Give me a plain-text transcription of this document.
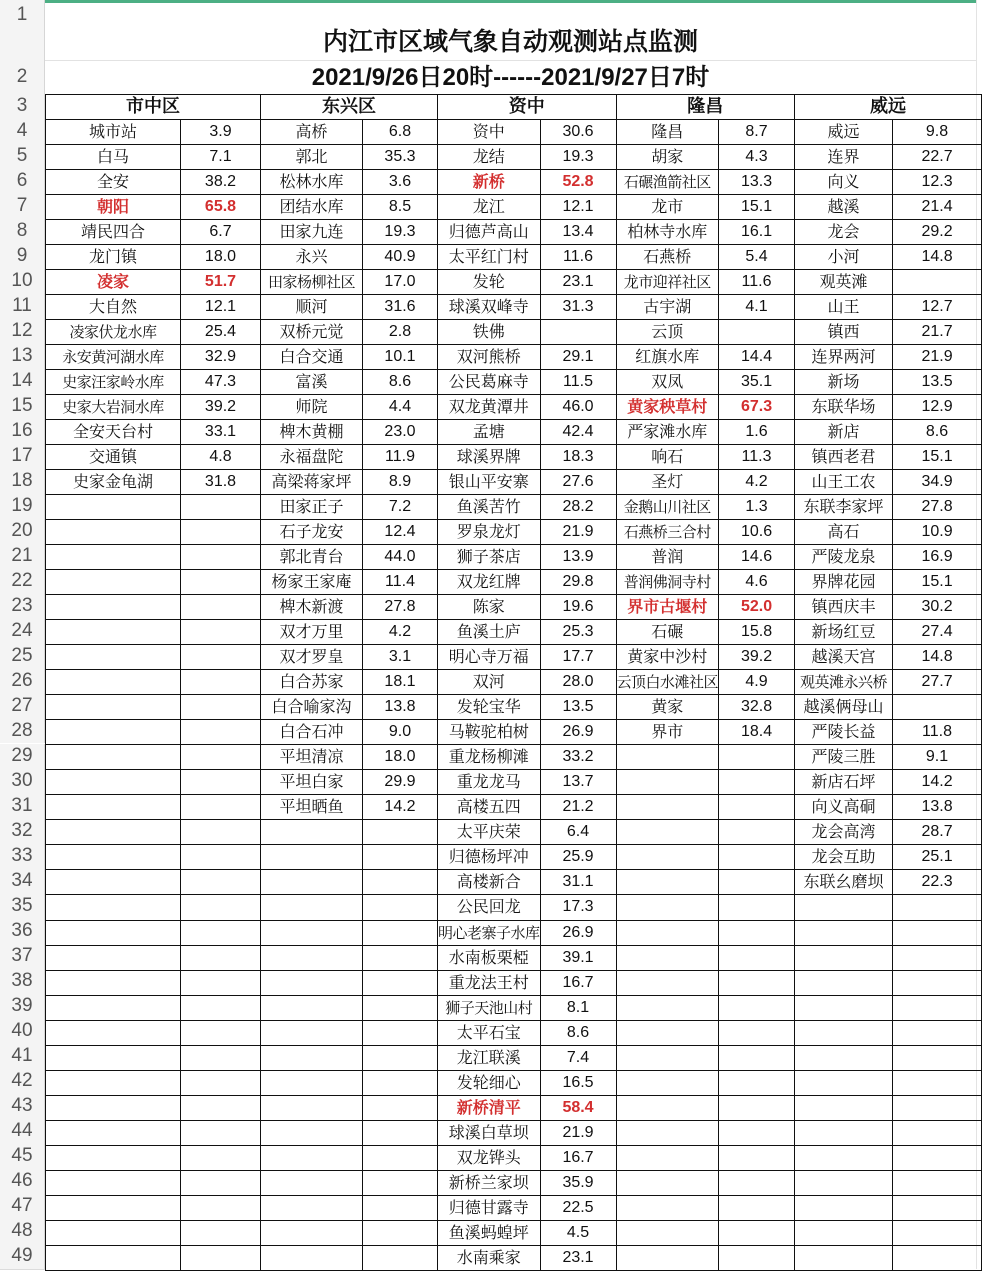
1
2
3
4
5
6
7
8
9
10
11
12
13
14
15
16
17
18
19
20
21
22
23
24
25
26
27
28
29
30
31
32
33
34
35
36
37
38
39
40
41
42
43
44
45
46
47
48
49
内江市区域气象自动观测站点监测
2021/9/26日20时------2021/9/27日7时
市中区		东兴区		资中		隆昌		威远	
城市站	3.9	高桥	6.8	资中	30.6	隆昌	8.7	威远	9.8
白马	7.1	郭北	35.3	龙结	19.3	胡家	4.3	连界	22.7
全安	38.2	松林水库	3.6	新桥	52.8	石碾渔箭社区	13.3	向义	12.3
朝阳	65.8	团结水库	8.5	龙江	12.1	龙市	15.1	越溪	21.4
靖民四合	6.7	田家九连	19.3	归德芦高山	13.4	柏林寺水库	16.1	龙会	29.2
龙门镇	18.0	永兴	40.9	太平红门村	11.6	石燕桥	5.4	小河	14.8
凌家	51.7	田家杨柳社区	17.0	发轮	23.1	龙市迎祥社区	11.6	观英滩	
大自然	12.1	顺河	31.6	球溪双峰寺	31.3	古宇湖	4.1	山王	12.7
凌家伏龙水库	25.4	双桥元觉	2.8	铁佛		云顶		镇西	21.7
永安黄河湖水库	32.9	白合交通	10.1	双河熊桥	29.1	红旗水库	14.4	连界两河	21.9
史家汪家岭水库	47.3	富溪	8.6	公民葛麻寺	11.5	双凤	35.1	新场	13.5
史家大岩洞水库	39.2	师院	4.4	双龙黄潭井	46.0	黄家秧草村	67.3	东联华场	12.9
全安天台村	33.1	椑木黄棚	23.0	孟塘	42.4	严家滩水库	1.6	新店	8.6
交通镇	4.8	永福盘陀	11.9	球溪界牌	18.3	响石	11.3	镇西老君	15.1
史家金龟湖	31.8	高梁蒋家坪	8.9	银山平安寨	27.6	圣灯	4.2	山王工农	34.9
		田家正子	7.2	鱼溪苦竹	28.2	金鹅山川社区	1.3	东联李家坪	27.8
		石子龙安	12.4	罗泉龙灯	21.9	石燕桥三合村	10.6	高石	10.9
		郭北青台	44.0	狮子茶店	13.9	普润	14.6	严陵龙泉	16.9
		杨家王家庵	11.4	双龙红牌	29.8	普润佛洞寺村	4.6	界牌花园	15.1
		椑木新渡	27.8	陈家	19.6	界市古堰村	52.0	镇西庆丰	30.2
		双才万里	4.2	鱼溪土庐	25.3	石碾	15.8	新场红豆	27.4
		双才罗皇	3.1	明心寺万福	17.7	黄家中沙村	39.2	越溪天宫	14.8
		白合苏家	18.1	双河	28.0	云顶白水滩社区	4.9	观英滩永兴桥	27.7
		白合喻家沟	13.8	发轮宝华	13.5	黄家	32.8	越溪俩母山	
		白合石冲	9.0	马鞍驼柏树	26.9	界市	18.4	严陵长益	11.8
		平坦清凉	18.0	重龙杨柳滩	33.2			严陵三胜	9.1
		平坦白家	29.9	重龙龙马	13.7			新店石坪	14.2
		平坦晒鱼	14.2	高楼五四	21.2			向义高硐	13.8
				太平庆荣	6.4			龙会高湾	28.7
				归德杨坪冲	25.9			龙会互助	25.1
				高楼新合	31.1			东联幺磨坝	22.3
				公民回龙	17.3				
				明心老寨子水库	26.9				
				水南板栗椏	39.1				
				重龙法王村	16.7				
				狮子天池山村	8.1				
				太平石宝	8.6				
				龙江联溪	7.4				
				发轮细心	16.5				
				新桥清平	58.4				
				球溪白草坝	21.9				
				双龙铧头	16.7				
				新桥兰家坝	35.9				
				归德甘露寺	22.5				
				鱼溪蚂蝗坪	4.5				
				水南乘家	23.1				
